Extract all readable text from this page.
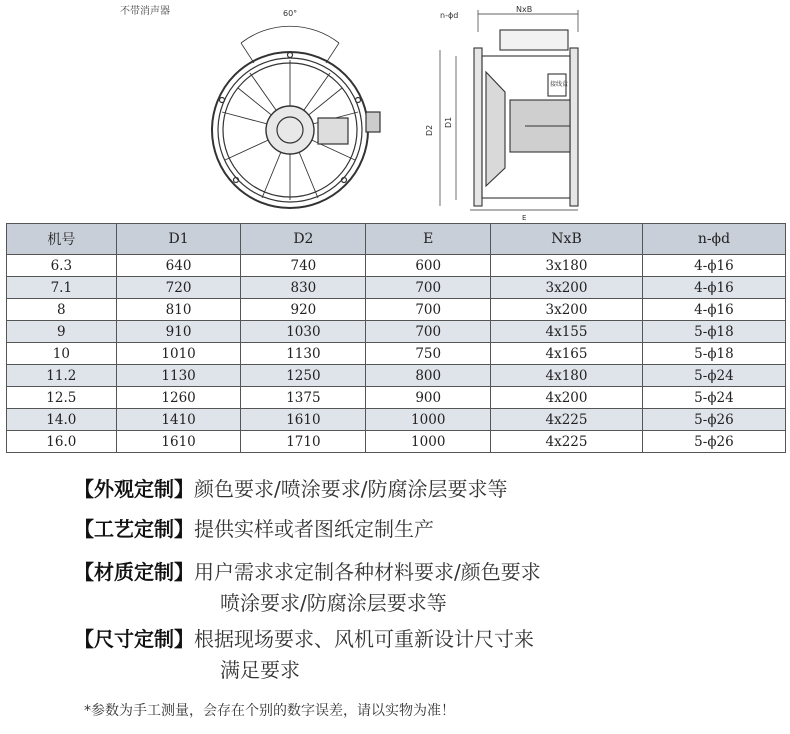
不带消声器	60°	n-ϕd
NxB
D2
D1
E
接线盒
机号	D1	D2	E	NxB	n-ϕd
6.3	640	740	600	3x180	4-ϕ16
7.1	720	830	700	3x200	4-ϕ16
8	810	920	700	3x200	4-ϕ16
9	910	1030	700	4x155	5-ϕ18
10	1010	1130	750	4x165	5-ϕ18
11.2	1130	1250	800	4x180	5-ϕ24
12.5	1260	1375	900	4x200	5-ϕ24
14.0	1410	1610	1000	4x225	5-ϕ26
16.0	1610	1710	1000	4x225	5-ϕ26
【外观定制】颜色要求/喷涂要求/防腐涂层要求等
【工艺定制】提供实样或者图纸定制生产
【材质定制】用户需求求定制各种材料要求/颜色要求
喷涂要求/防腐涂层要求等
【尺寸定制】根据现场要求、风机可重新设计尺寸来
满足要求
*参数为手工测量，会存在个别的数字误差，请以实物为准！
